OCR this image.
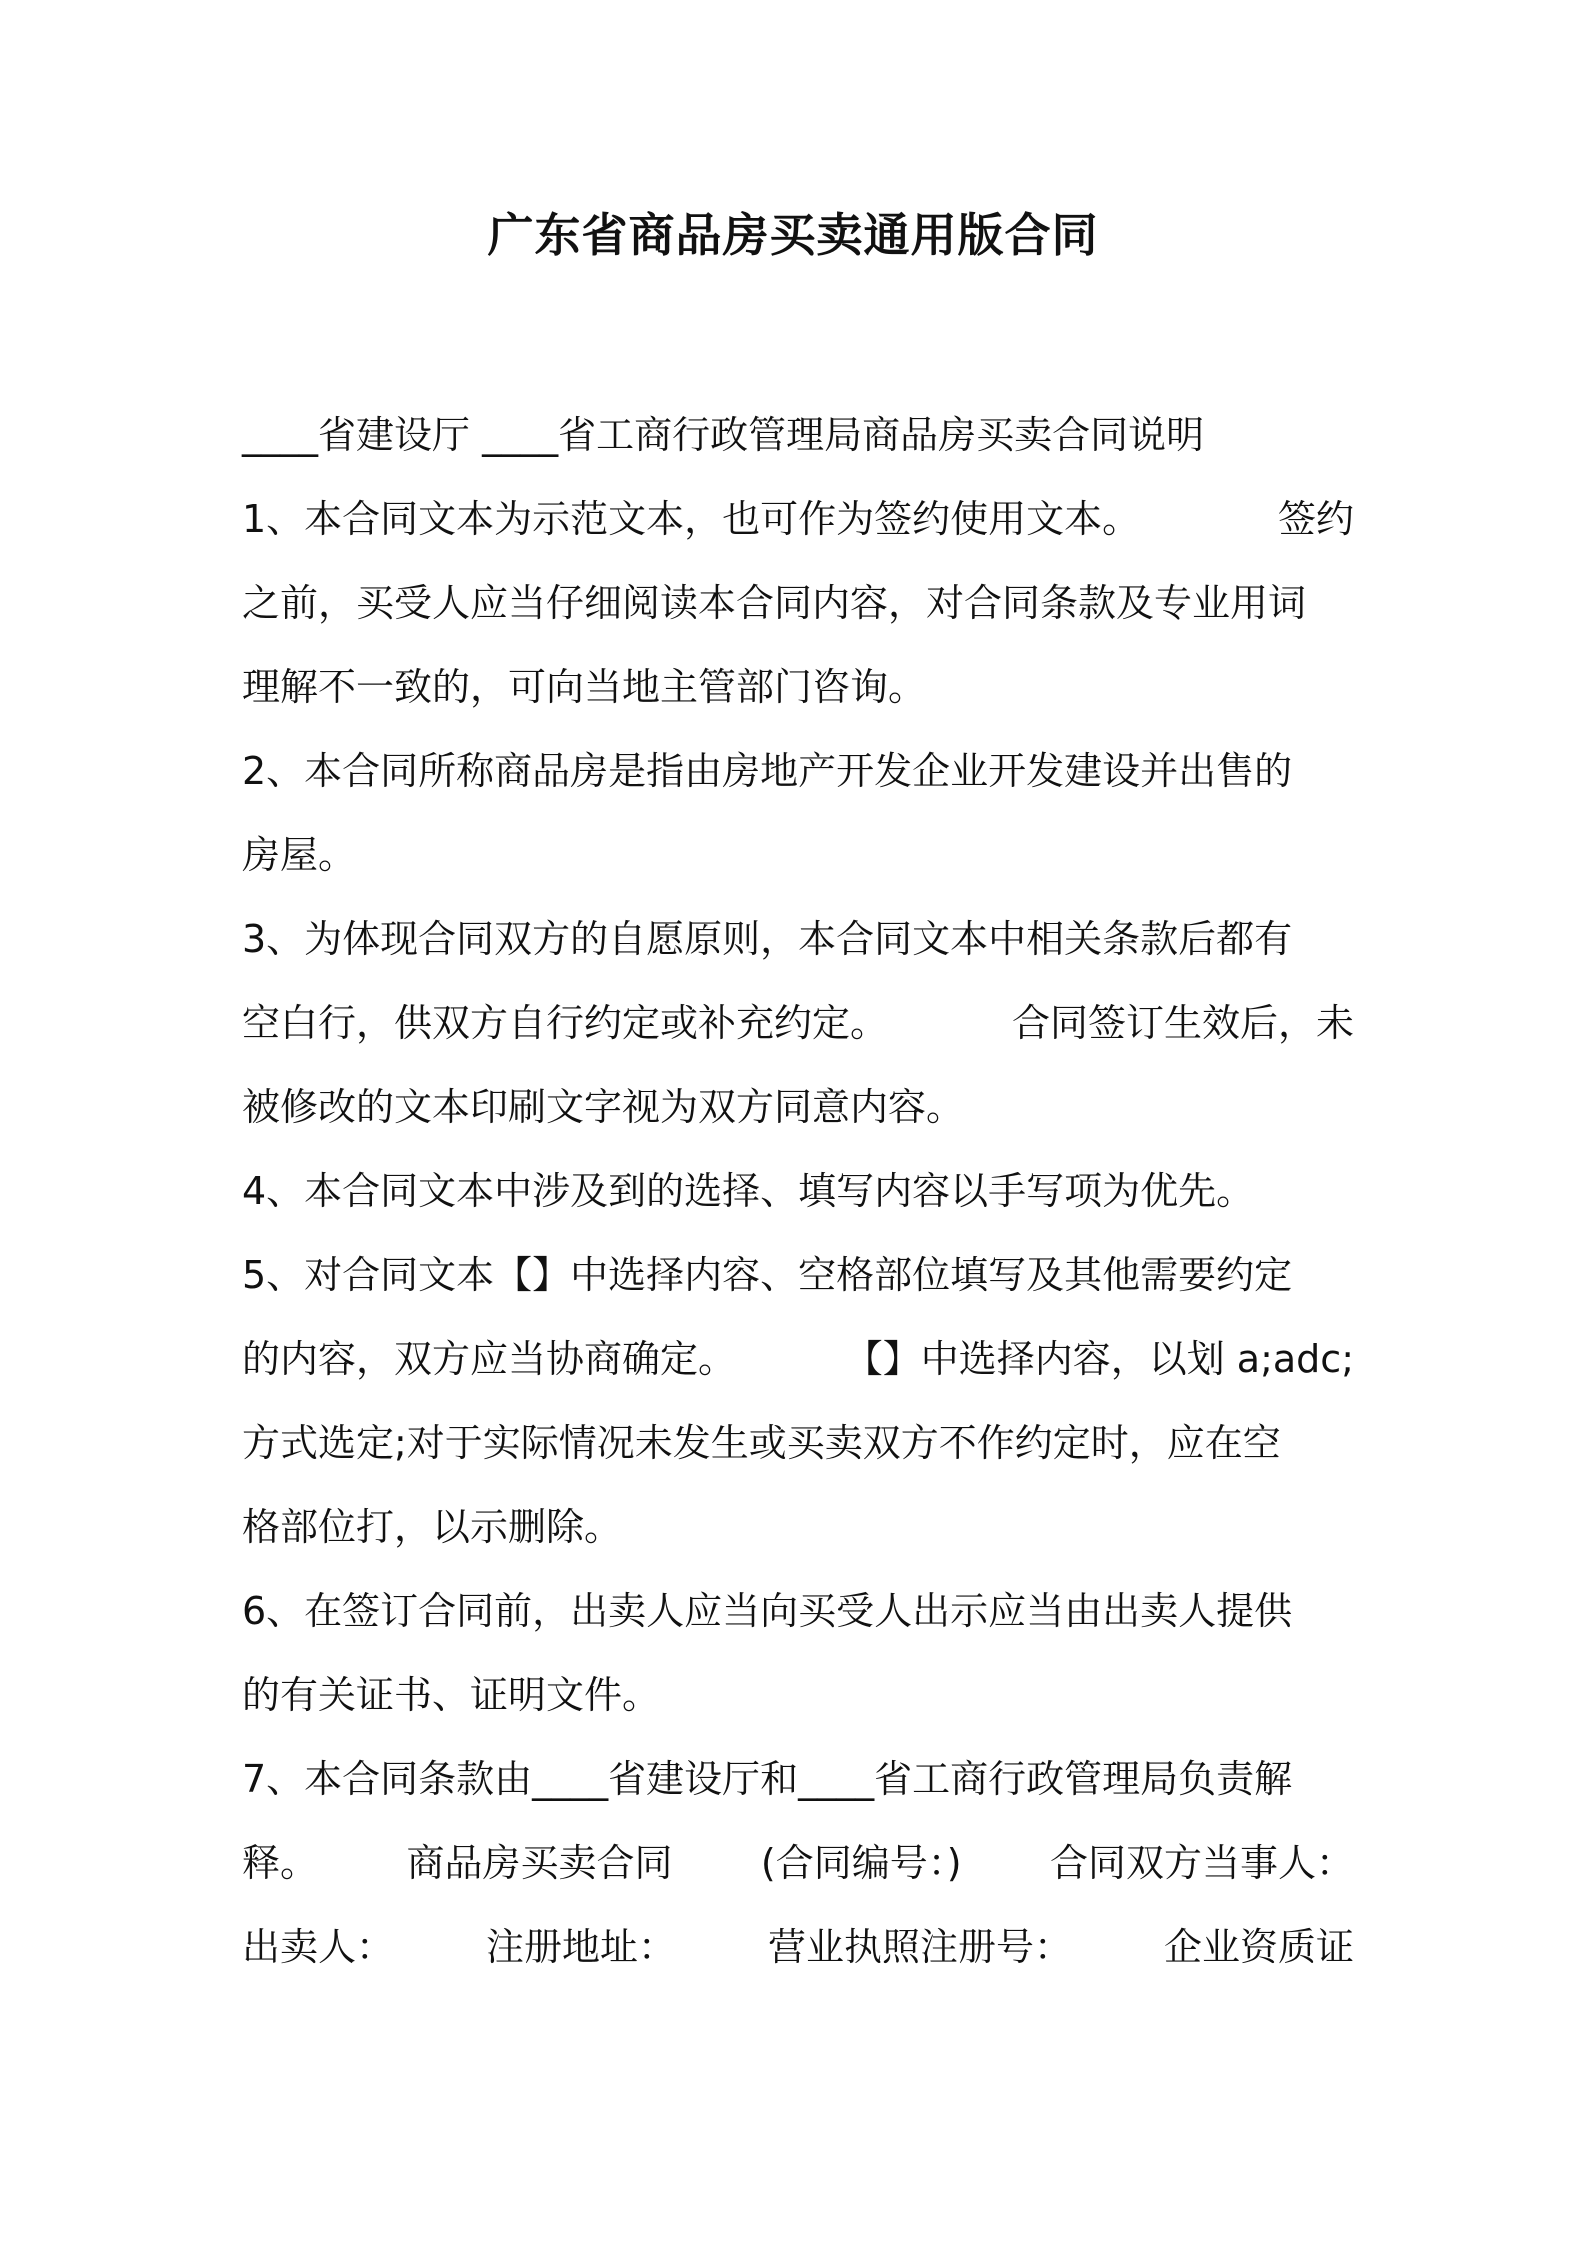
广东省商品房买卖通用版合同
____省建设厅 ____省工商行政管理局商品房买卖合同说明
1、本合同文本为示范文本，也可作为签约使用文本。	签约
之前，买受人应当仔细阅读本合同内容，对合同条款及专业用词
理解不一致的，可向当地主管部门咨询。
2、本合同所称商品房是指由房地产开发企业开发建设并出售的
房屋。
3、为体现合同双方的自愿原则，本合同文本中相关条款后都有
空白行，供双方自行约定或补充约定。	合同签订生效后，未
被修改的文本印刷文字视为双方同意内容。
4、本合同文本中涉及到的选择、填写内容以手写项为优先。
5、对合同文本【】中选择内容、空格部位填写及其他需要约定
的内容，双方应当协商确定。	【】中选择内容，以划 a;adc;
方式选定;对于实际情况未发生或买卖双方不作约定时，应在空
格部位打，以示删除。
6、在签订合同前，出卖人应当向买受人出示应当由出卖人提供
的有关证书、证明文件。
7、本合同条款由____省建设厅和____省工商行政管理局负责解
释。 商品房买卖合同 (合同编号：) 合同双方当事人：
出卖人： 注册地址： 营业执照注册号： 企业资质证
